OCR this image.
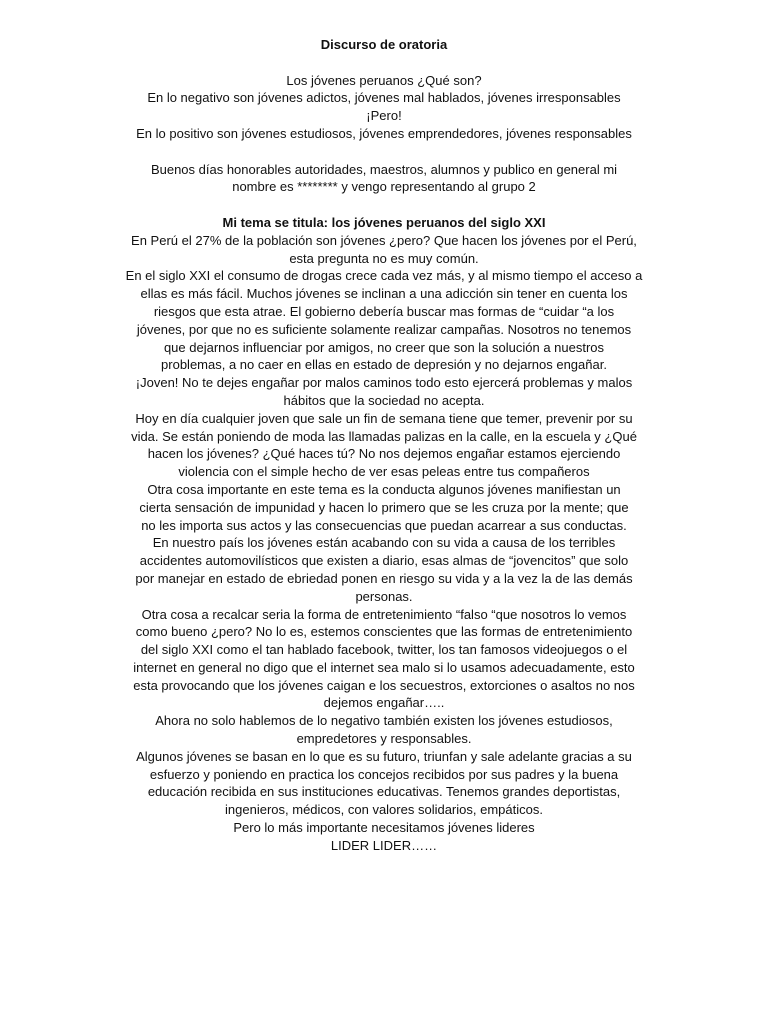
Discurso de oratoria

Los jóvenes peruanos ¿Qué son?

En lo negativo son jóvenes adictos, jóvenes mal hablados, jóvenes irresponsables

¡Pero!

En lo positivo son jóvenes estudiosos, jóvenes emprendedores, jóvenes responsables

Buenos días honorables autoridades, maestros, alumnos y publico en general mi

nombre es ******** y vengo representando al grupo 2

Mi tema se titula: los jóvenes peruanos del siglo XXI

En Perú el 27% de la población son jóvenes ¿pero? Que hacen los jóvenes por el Perú,

esta pregunta no es muy común.

En el siglo XXI el consumo de drogas crece cada vez más, y al mismo tiempo el acceso a

ellas es más fácil. Muchos jóvenes se inclinan a una adicción sin tener en cuenta los

riesgos que esta atrae. El gobierno debería buscar mas formas de “cuidar “a los

jóvenes, por que no es suficiente solamente realizar campañas. Nosotros no tenemos

que dejarnos influenciar por amigos, no creer que son la solución a nuestros

problemas, a no caer en ellas en estado de depresión y no dejarnos engañar.

¡Joven! No te dejes engañar por malos caminos todo esto ejercerá problemas y malos

hábitos que la sociedad no acepta.

Hoy en día cualquier joven que sale un fin de semana tiene que temer, prevenir por su

vida. Se están poniendo de moda las llamadas palizas en la calle, en la escuela y ¿Qué

hacen los jóvenes? ¿Qué haces tú? No nos dejemos engañar estamos ejerciendo

violencia con el simple hecho de ver esas peleas entre tus compañeros

Otra cosa importante en este tema es la conducta algunos jóvenes manifiestan un

cierta sensación de impunidad y hacen lo primero que se les cruza por la mente; que

no les importa sus actos y las consecuencias que puedan acarrear a sus conductas.

En nuestro país los jóvenes están acabando con su vida a causa de los terribles

accidentes automovilísticos que existen a diario, esas almas de “jovencitos” que solo

por manejar en estado de ebriedad ponen en riesgo su vida y a la vez la de las demás

personas.

Otra cosa a recalcar seria la forma de entretenimiento “falso “que nosotros lo vemos

como bueno ¿pero? No lo es, estemos conscientes que las formas de entretenimiento

del siglo XXI como el tan hablado facebook, twitter, los tan famosos videojuegos o el

internet en general no digo que el internet sea malo si lo usamos adecuadamente, esto

esta provocando que los jóvenes caigan e los secuestros, extorciones o asaltos no nos

dejemos engañar…..

Ahora no solo hablemos de lo negativo también existen los jóvenes estudiosos,

empredetores y responsables.

Algunos jóvenes se basan en lo que es su futuro, triunfan y sale adelante gracias a su

esfuerzo y poniendo en practica los concejos recibidos por sus padres y la buena

educación recibida en sus instituciones educativas. Tenemos grandes deportistas,

ingenieros, médicos, con valores solidarios, empáticos.

Pero lo más importante necesitamos jóvenes lideres

LIDER LIDER……
